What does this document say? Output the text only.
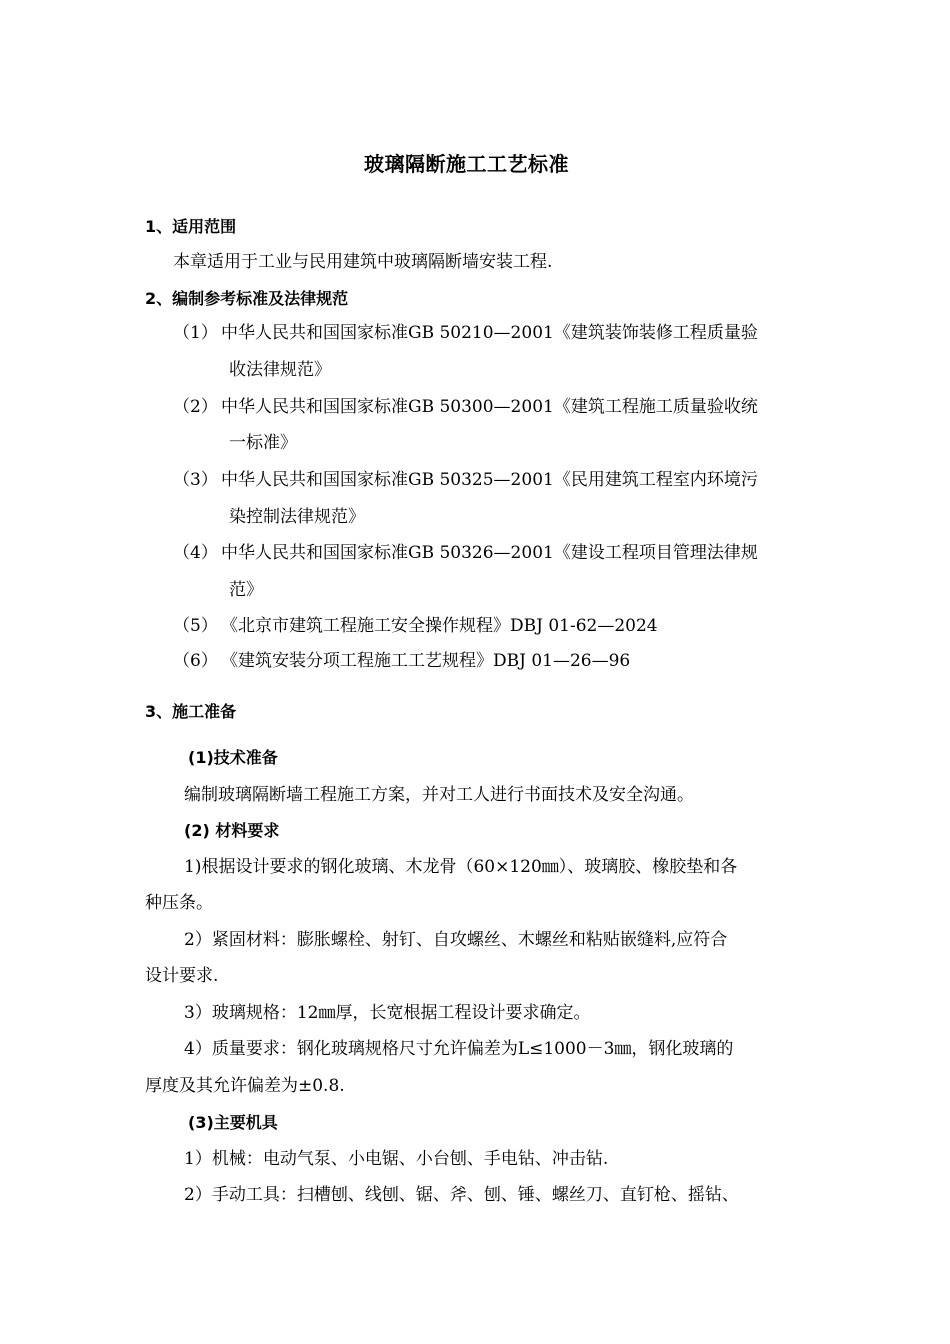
玻璃隔断施工工艺标准
1、适用范围
本章适用于工业与民用建筑中玻璃隔断墙安装工程.
2、编制参考标准及法律规范
（1） 中华人民共和国国家标准GB 50210—2001《建筑装饰装修工程质量验
收法律规范》
（2） 中华人民共和国国家标准GB 50300—2001《建筑工程施工质量验收统
一标准》
（3） 中华人民共和国国家标准GB 50325—2001《民用建筑工程室内环境污
染控制法律规范》
（4） 中华人民共和国国家标准GB 50326—2001《建设工程项目管理法律规
范》
（5） 《北京市建筑工程施工安全操作规程》DBJ 01-62—2024
（6） 《建筑安装分项工程施工工艺规程》DBJ 01—26—96
3、施工准备
(1)技术准备
编制玻璃隔断墙工程施工方案，并对工人进行书面技术及安全沟通。
(2) 材料要求
1)根据设计要求的钢化玻璃、木龙骨（60×120㎜）、玻璃胶、橡胶垫和各
种压条。
2）紧固材料：膨胀螺栓、射钉、自攻螺丝、木螺丝和粘贴嵌缝料,应符合
设计要求.
3）玻璃规格：12㎜厚，长宽根据工程设计要求确定。
4）质量要求：钢化玻璃规格尺寸允许偏差为L≤1000－3㎜，钢化玻璃的
厚度及其允许偏差为±0.8.
(3)主要机具
1）机械：电动气泵、小电锯、小台刨、手电钻、冲击钻.
2）手动工具：扫槽刨、线刨、锯、斧、刨、锤、螺丝刀、直钉枪、摇钻、
